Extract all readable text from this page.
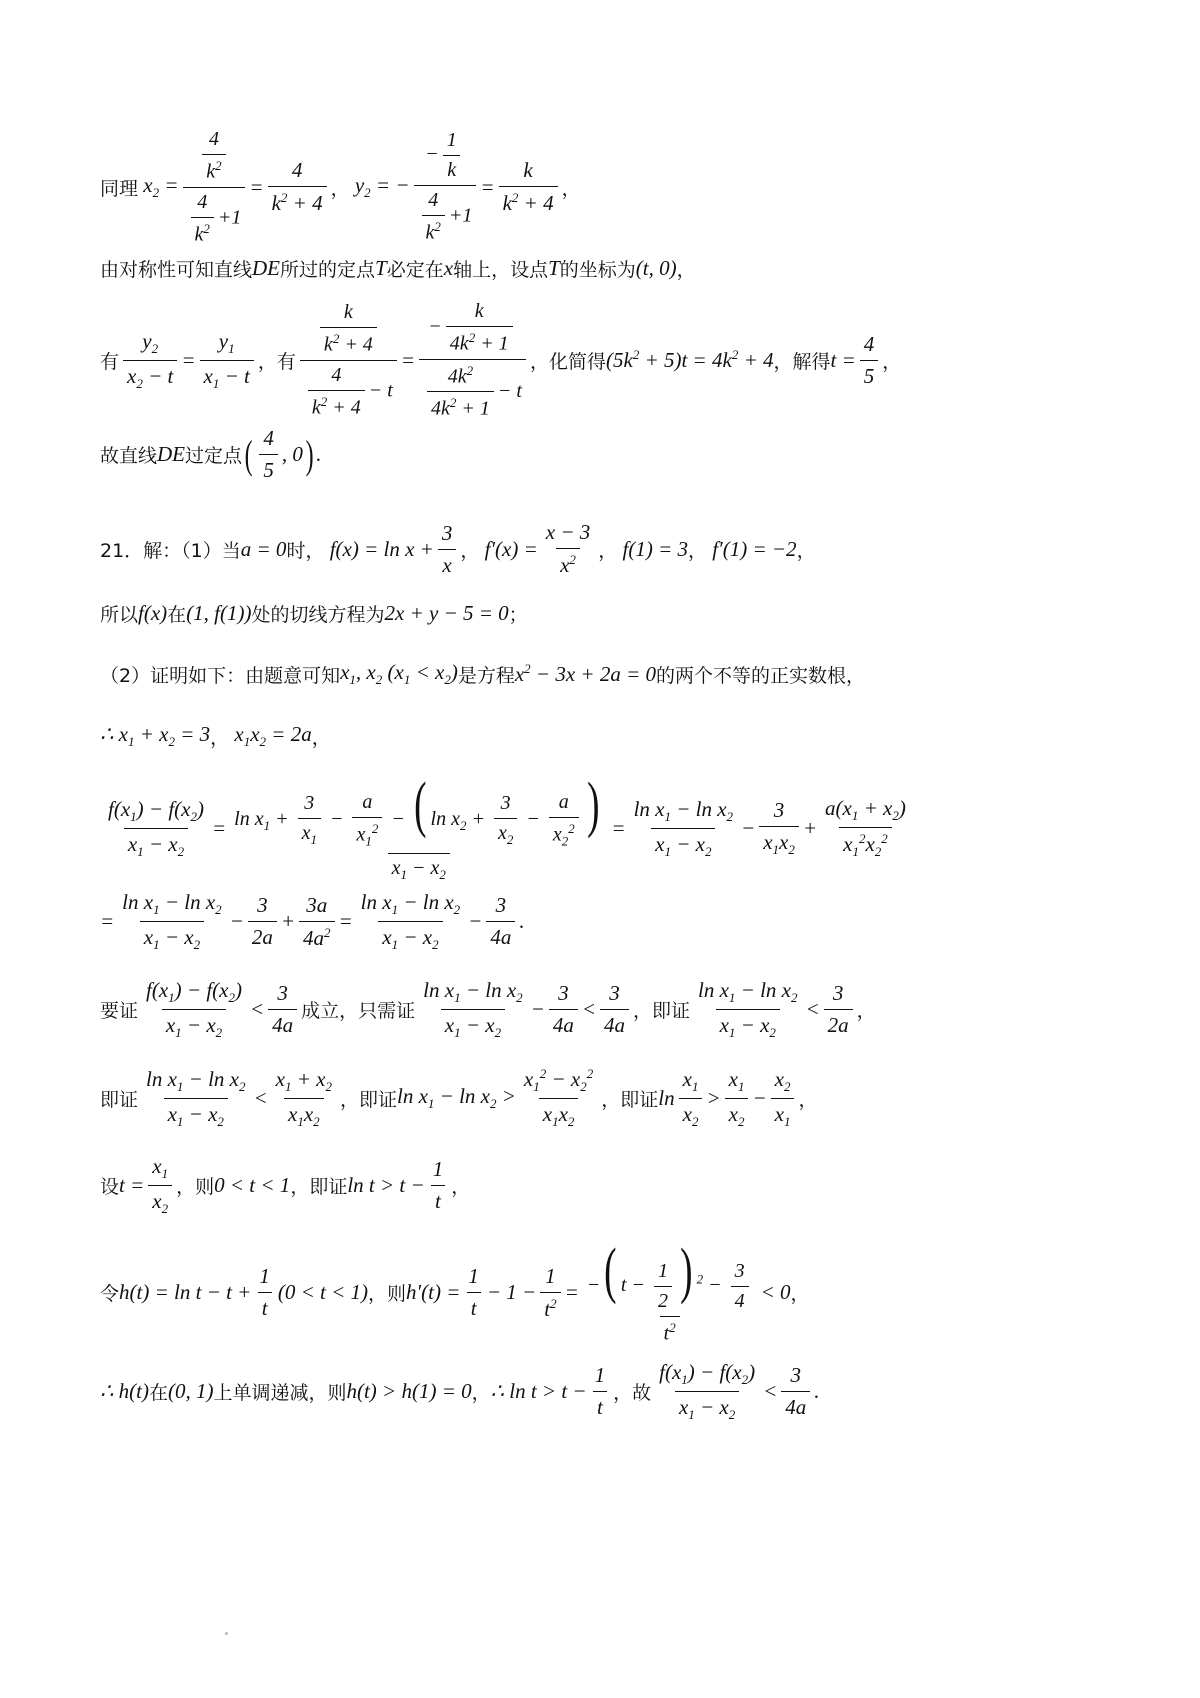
同理 $x_2 = \frac{\frac{4}{k^2}}{\frac{4}{k^2} +1} = \frac{4}{k^2 + 4}$ ， $y_2$ = − $\frac{- \frac{1}{k}}{\frac{4}{k^2} +1} = \frac{k}{k^2 + 4}$ ，
由对称性可知直线 DE 所过的定点 T 必定在 x 轴上，设点 T 的坐标为 (t, 0) ，
有 $\frac{y_2}{x_2 - t} = \frac{y_1}{x_1 - t}$ ，有 $\frac{\frac{k}{k^2 + 4}}{\frac{4}{k^2 + 4} - t} = \frac{- \frac{k}{4k^2 + 1}}{\frac{4k^2}{4k^2 + 1} - t}$ ，化简得 $(5k^2 + 5)t = 4k^2 + 4$ ，解得 $t = \frac{4}{5}$ ，
故直线 DE 过定点 ( $\frac{4}{5}$ , 0 ) .
21．解：（1）当 a = 0 时， $f(x) = \ln x + \frac{3}{x}$ ， $f'(x) = \frac{x - 3}{x^2}$ ， f(1) = 3 ， f′(1) = −2 ，
所以 f(x) 在 (1, f(1)) 处的切线方程为 2x + y − 5 = 0 ；
（2）证明如下：由题意可知 $x_1$, $x_2$ $(x_1 < x_2)$ 是方程 $x^2 - 3x + 2a = 0$ 的两个不等的正实数根，
∴ $x_1 + x_2 = 3$ ， $x_1x_2 = 2a$ ，
$\frac{f(x_1) - f(x_2)}{x_1 - x_2} = \frac{\ln x_1 + \frac{3}{x_1} - \frac{a}{x_1^2} - ( \ln x_2 + \frac{3}{x_2} - \frac{a}{x_2^2} )}{x_1 - x_2} = \frac{\ln x_1 - \ln x_2}{x_1 - x_2} - \frac{3}{x_1x_2} + \frac{a(x_1 + x_2)}{x_1^2x_2^2}$
= $\frac{\ln x_1 - \ln x_2}{x_1 - x_2} - \frac{3}{2a} + \frac{3a}{4a^2} = \frac{\ln x_1 - \ln x_2}{x_1 - x_2} - \frac{3}{4a}$ .
要证 $\frac{f(x_1) - f(x_2)}{x_1 - x_2} < \frac{3}{4a}$ 成立，只需证 $\frac{\ln x_1 - \ln x_2}{x_1 - x_2} - \frac{3}{4a} < \frac{3}{4a}$ ，即证 $\frac{\ln x_1 - \ln x_2}{x_1 - x_2} < \frac{3}{2a}$ ，
即证 $\frac{\ln x_1 - \ln x_2}{x_1 - x_2} < \frac{x_1 + x_2}{x_1x_2}$ ，即证 $\ln x_1 - \ln x_2 > \frac{x_1^2 - x_2^2}{x_1x_2}$ ，即证 $\ln \frac{x_1}{x_2} > \frac{x_1}{x_2} - \frac{x_2}{x_1}$ ，
设 $t = \frac{x_1}{x_2}$ ，则 0 < t < 1 ，即证 $\ln t > t - \frac{1}{t}$ ，
令 $h(t) = \ln t - t + \frac{1}{t} (0 < t < 1)$ ，则 $h'(t) = \frac{1}{t} - 1 - \frac{1}{t^2} = \frac{-( t - \frac{1}{2} ) ^2 - \frac{3}{4}}{t^2} < 0$ ，
∴ h(t) 在 (0, 1) 上单调递减，则 h(t) > h(1) = 0 ， ∴ $\ln t > t - \frac{1}{t}$ ，故 $\frac{f(x_1) - f(x_2)}{x_1 - x_2} < \frac{3}{4a}$ .
